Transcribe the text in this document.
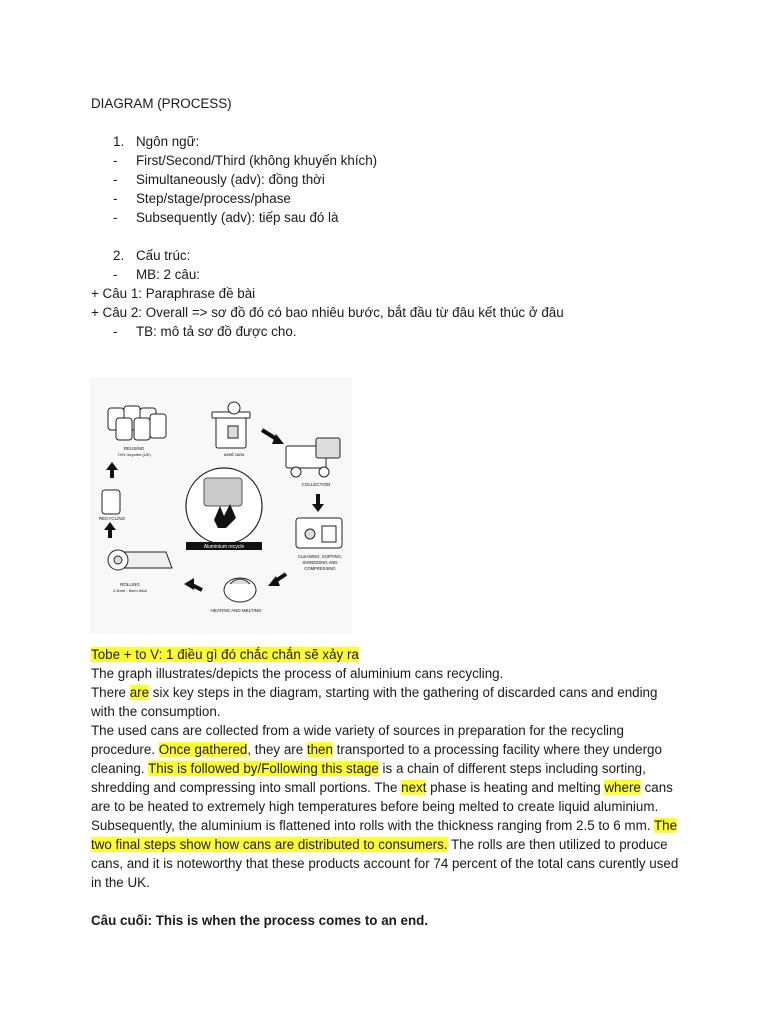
DIAGRAM (PROCESS)
1. Ngôn ngữ:
- First/Second/Third (không khuyến khích)
- Simultaneously (adv): đồng thời
- Step/stage/process/phase
- Subsequently (adv): tiếp sau đó là
2. Cấu trúc:
- MB: 2 câu:
+ Câu 1: Paraphrase đề bài
+ Câu 2: Overall => sơ đồ đó có bao nhiêu bước, bắt đầu từ đâu kết thúc ở đâu
- TB: mô tả sơ đồ được cho.
REUSING
74% recycled (UK)	used cans
COLLECTION
CLEANING, SORTING,
SHREDDING AND
COMPRESSING
HEATING AND MELTING
ROLLING
2.5mm - 6mm thick
RECYCLING
Aluminium recycle
Tobe + to V: 1 điều gì đó chắc chắn sẽ xảy ra
The graph illustrates/depicts the process of aluminium cans recycling.
There are six key steps in the diagram, starting with the gathering of discarded cans and ending with the consumption.
The used cans are collected from a wide variety of sources in preparation for the recycling procedure. Once gathered, they are then transported to a processing facility where they undergo cleaning. This is followed by/Following this stage is a chain of different steps including sorting, shredding and compressing into small portions. The next phase is heating and melting where cans are to be heated to extremely high temperatures before being melted to create liquid aluminium. Subsequently, the aluminium is flattened into rolls with the thickness ranging from 2.5 to 6 mm. The two final steps show how cans are distributed to consumers. The rolls are then utilized to produce cans, and it is noteworthy that these products account for 74 percent of the total cans curently used in the UK.
Câu cuối: This is when the process comes to an end.
